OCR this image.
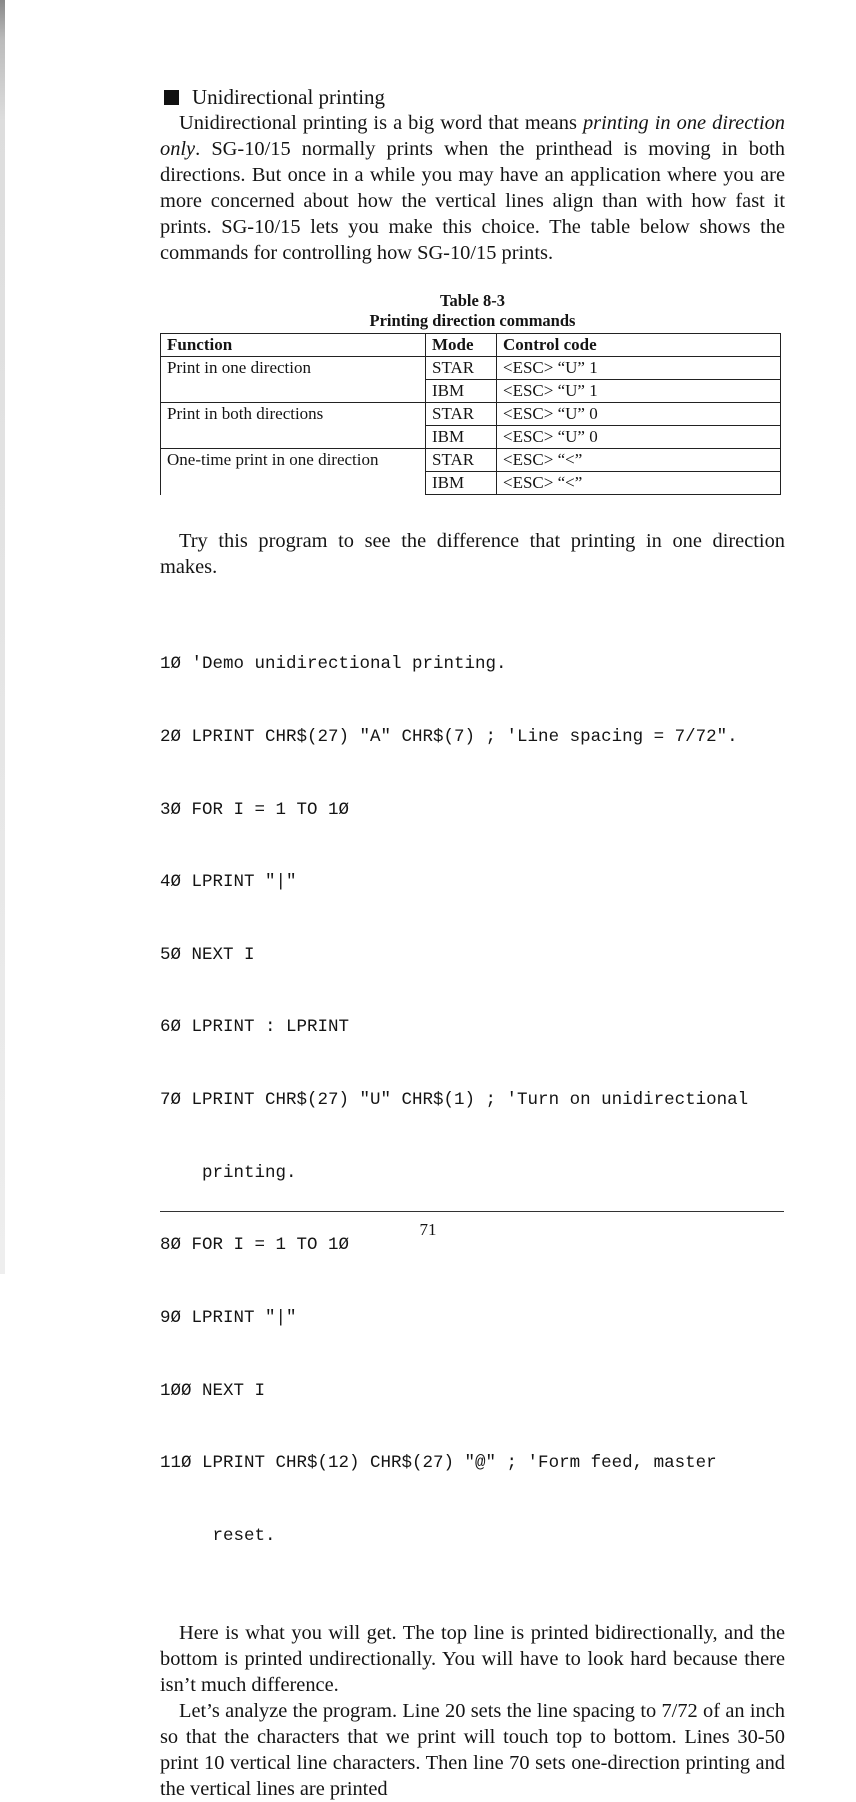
Unidirectional printing

Unidirectional printing is a big word that means printing in one direction only. SG-10/15 normally prints when the printhead is moving in both directions. But once in a while you may have an application where you are more concerned about how the vertical lines align than with how fast it prints. SG-10/15 lets you make this choice. The table below shows the commands for controlling how SG-10/15 prints.

Table 8-3
Printing direction commands
Function	Mode	Control code
Print in one direction	STAR	<ESC> “U” 1
	IBM	<ESC> “U” 1
Print in both directions	STAR	<ESC> “U” 0
	IBM	<ESC> “U” 0
One-time print in one direction	STAR	<ESC> “<”
	IBM	<ESC> “<”

Try this program to see the difference that printing in one direction makes.

1Ø 'Demo unidirectional printing.

2Ø LPRINT CHR$(27) "A" CHR$(7) ; 'Line spacing = 7/72".

3Ø FOR I = 1 TO 1Ø

4Ø LPRINT "|"

5Ø NEXT I

6Ø LPRINT : LPRINT

7Ø LPRINT CHR$(27) "U" CHR$(1) ; 'Turn on unidirectional

printing.

8Ø FOR I = 1 TO 1Ø

9Ø LPRINT "|"

1ØØ NEXT I

11Ø LPRINT CHR$(12) CHR$(27) "@" ; 'Form feed, master

reset.

Here is what you will get. The top line is printed bidirectionally, and the bottom is printed undirectionally. You will have to look hard because there isn’t much difference.

Let’s analyze the program. Line 20 sets the line spacing to 7/72 of an inch so that the characters that we print will touch top to bottom. Lines 30-50 print 10 vertical line characters. Then line 70 sets one-direction printing and the vertical lines are printed

71
